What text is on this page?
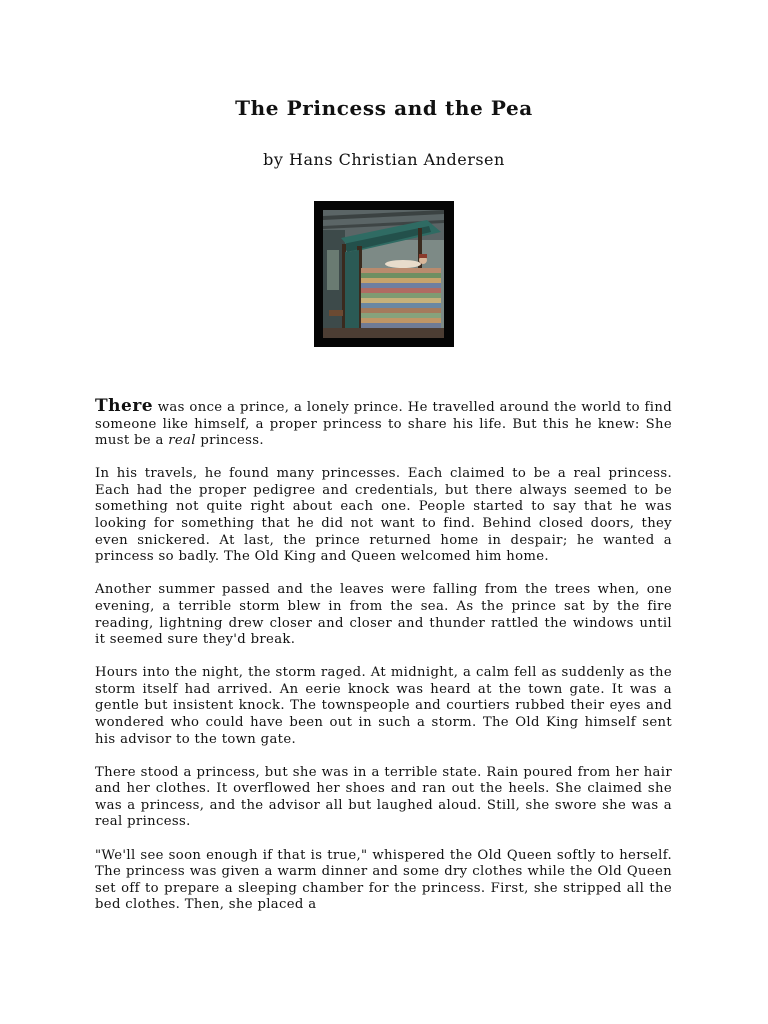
The Princess and the Pea

by Hans Christian Andersen

There was once a prince, a lonely prince. He travelled around the world to find someone like himself, a proper princess to share his life. But this he knew: She must be a real princess.

In his travels, he found many princesses. Each claimed to be a real princess. Each had the proper pedigree and credentials, but there always seemed to be something not quite right about each one. People started to say that he was looking for something that he did not want to find. Behind closed doors, they even snickered. At last, the prince returned home in despair; he wanted a princess so badly. The Old King and Queen welcomed him home.

Another summer passed and the leaves were falling from the trees when, one evening, a terrible storm blew in from the sea. As the prince sat by the fire reading, lightning drew closer and closer and thunder rattled the windows until it seemed sure they'd break.

Hours into the night, the storm raged. At midnight, a calm fell as suddenly as the storm itself had arrived. An eerie knock was heard at the town gate. It was a gentle but insistent knock. The townspeople and courtiers rubbed their eyes and wondered who could have been out in such a storm. The Old King himself sent his advisor to the town gate.

There stood a princess, but she was in a terrible state. Rain poured from her hair and her clothes. It overflowed her shoes and ran out the heels. She claimed she was a princess, and the advisor all but laughed aloud. Still, she swore she was a real princess.

"We'll see soon enough if that is true," whispered the Old Queen softly to herself. The princess was given a warm dinner and some dry clothes while the Old Queen set off to prepare a sleeping chamber for the princess. First, she stripped all the bed clothes. Then, she placed a
